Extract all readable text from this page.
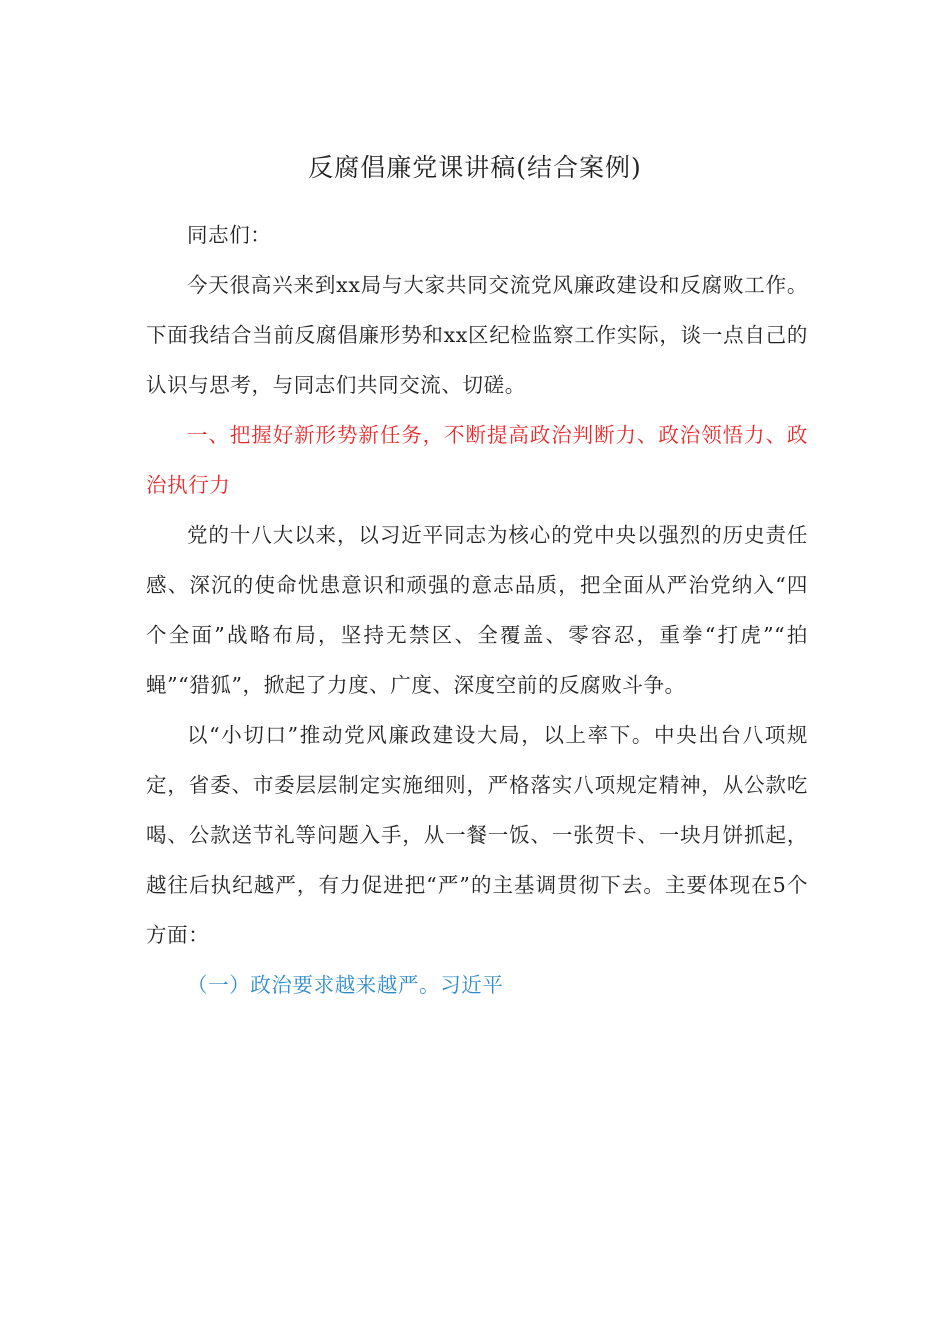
反腐倡廉党课讲稿(结合案例)

同志们：

今天很高兴来到xx局与大家共同交流党风廉政建设和反腐败工作。下面我结合当前反腐倡廉形势和xx区纪检监察工作实际，谈一点自己的认识与思考，与同志们共同交流、切磋。

一、把握好新形势新任务，不断提高政治判断力、政治领悟力、政治执行力

党的十八大以来，以习近平同志为核心的党中央以强烈的历史责任感、深沉的使命忧患意识和顽强的意志品质，把全面从严治党纳入“四个全面”战略布局，坚持无禁区、全覆盖、零容忍，重拳“打虎”“拍蝇”“猎狐”，掀起了力度、广度、深度空前的反腐败斗争。

以“小切口”推动党风廉政建设大局，以上率下。中央出台八项规定，省委、市委层层制定实施细则，严格落实八项规定精神，从公款吃喝、公款送节礼等问题入手，从一餐一饭、一张贺卡、一块月饼抓起，越往后执纪越严，有力促进把“严”的主基调贯彻下去。主要体现在5个方面：

（一）政治要求越来越严。习近平
